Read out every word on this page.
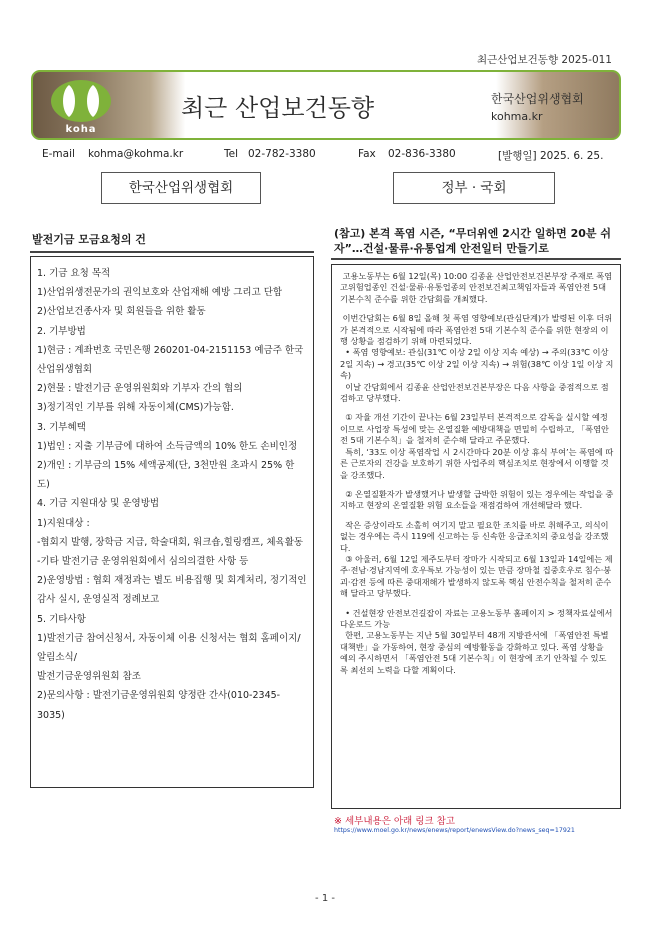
최근산업보건동향 2025-011
koha
최근 산업보건동향	한국산업위생협회
kohma.kr
E-mail kohma@kohma.kr	Tel 02-782-3380	Fax 02-836-3380	[발행일] 2025. 6. 25.
한국산업위생협회	정부 · 국회
발전기금 모금요청의 건

1. 기금 요청 목적

1)산업위생전문가의 권익보호와 산업재해 예방 그리고 단합

2)산업보건종사자 및 회원들을 위한 활동

2. 기부방법

1)현금 : 계좌번호 국민은행 260201-04-2151153 예금주 한국산업위생협회

2)현물 : 발전기금 운영위원회와 기부자 간의 협의

3)정기적인 기부를 위해 자동이체(CMS)가능함.

3. 기부혜택

1)법인 : 지출 기부금에 대하여 소득금액의 10% 한도 손비인정

2)개인 : 기부금의 15% 세액공제(단, 3천만원 초과시 25% 한도)

4. 기금 지원대상 및 운영방법

1)지원대상 :

-협회지 발행, 장학금 지급, 학술대회, 워크숍,힐링캠프, 체육활동

-기타 발전기금 운영위원회에서 심의의결한 사항 등

2)운영방법 : 협회 재정과는 별도 비용집행 및 회계처리, 정기적인 감사 실시, 운영실적 정례보고

5. 기타사항

1)발전기금 참여신청서, 자동이체 이용 신청서는 협회 홈페이지/알림소식/

발전기금운영위원회 참조

2)문의사항 : 발전기금운영위원회 양정란 간사(010-2345-3035)

(참고) 본격 폭염 시즌, “무더위엔 2시간 일하면 20분 쉬자”…건설·물류·유통업계 안전일터 만들기로

고용노동부는 6월 12일(목) 10:00 김종윤 산업안전보건본부장 주재로 폭염고위험업종인 건설·물류·유통업종의 안전보건최고책임자들과 폭염안전 5대 기본수칙 준수를 위한 간담회를 개최했다.

이번간담회는 6월 8일 올해 첫 폭염 영향예보(관심단계)가 발령된 이후 더위가 본격적으로 시작됨에 따라 폭염안전 5대 기본수칙 준수를 위한 현장의 이행 상황을 점검하기 위해 마련되었다.
• 폭염 영향예보: 관심(31℃ 이상 2일 이상 지속 예상) → 주의(33℃ 이상 2일 지속) → 경고(35℃ 이상 2일 이상 지속) → 위험(38℃ 이상 1일 이상 지속)
이날 간담회에서 김종윤 산업안전보건본부장은 다음 사항을 중점적으로 점검하고 당부했다.

① 자율 개선 기간이 끝나는 6월 23일부터 본격적으로 감독을 실시할 예정이므로 사업장 특성에 맞는 온열질환 예방대책을 면밀히 수립하고, 「폭염안전 5대 기본수칙」을 철저히 준수해 달라고 주문했다.
특히, ‘33도 이상 폭염작업 시 2시간마다 20분 이상 휴식 부여’는 폭염에 따른 근로자의 건강을 보호하기 위한 사업주의 핵심조치로 현장에서 이행할 것을 강조했다.

② 온열질환자가 발생했거나 발생할 급박한 위험이 있는 경우에는 작업을 중지하고 현장의 온열질환 위험 요소들을 재점검하여 개선해달라 했다.

작은 증상이라도 소홀히 여기지 말고 필요한 조치를 바로 취해주고, 의식이 없는 경우에는 즉시 119에 신고하는 등 신속한 응급조치의 중요성을 강조했다.
③ 아울러, 6월 12일 제주도부터 장마가 시작되고 6월 13일과 14일에는 제주·전남·경남지역에 호우특보 가능성이 있는 만큼 장마철 집중호우로 침수·붕괴·감전 등에 따른 중대재해가 발생하지 않도록 핵심 안전수칙을 철저히 준수해 달라고 당부했다.

• 건설현장 안전보건길잡이 자료는 고용노동부 홈페이지 > 정책자료실에서 다운로드 가능
한편, 고용노동부는 지난 5월 30일부터 48개 지방관서에 「폭염안전 특별대책반」을 가동하여, 현장 중심의 예방활동을 강화하고 있다. 폭염 상황을 예의 주시하면서 「폭염안전 5대 기본수칙」이 현장에 조기 안착될 수 있도록 최선의 노력을 다할 계획이다.

※ 세부내용은 아래 링크 참고
https://www.moel.go.kr/news/enews/report/enewsView.do?news_seq=17921
- 1 -
